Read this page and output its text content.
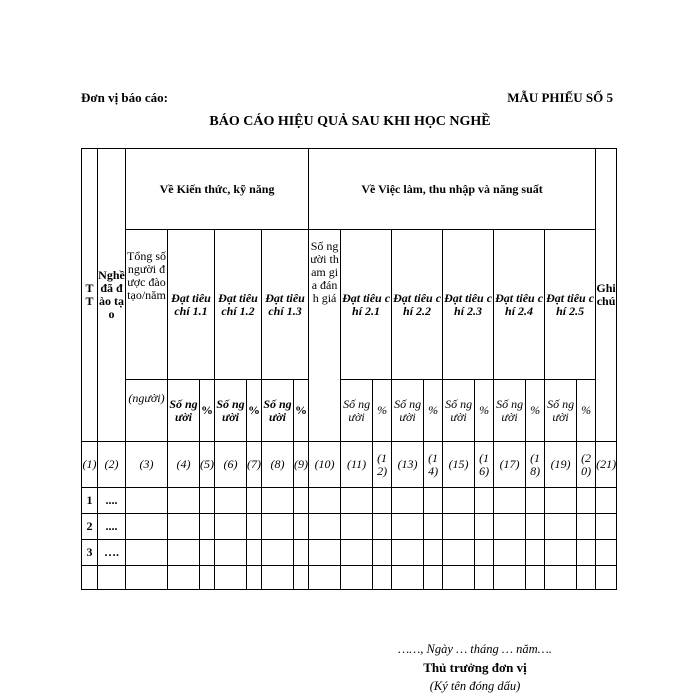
Đơn vị báo cáo:	MẪU PHIẾU SỐ 5
BÁO CÁO HIỆU QUẢ SAU KHI HỌC NGHỀ
TT	Nghề đã đào tạo	Về Kiến thức, kỹ năng							Về Việc làm, thu nhập và năng suất											Ghi chú

		Tổng số người được đào tạo/năm	Đạt tiêu chí 1.1		Đạt tiêu chí 1.2		Đạt tiêu chí 1.3		Số người tham gia đánh giá	Đạt tiêu chí 2.1		Đạt tiêu chí 2.2		Đạt tiêu chí 2.3		Đạt tiêu chí 2.4		Đạt tiêu chí 2.5		
		(người)	Số người	%	Số người	%	Số người	%		Số người	%	Số người	%	Số người	%	Số người	%	Số người	%	
(1)	(2)	(3)	(4)	(5)	(6)	(7)	(8)	(9)	(10)	(11)	(12)	(13)	(14)	(15)	(16)	(17)	(18)	(19)	(20)	(21)
1	....																			
2	....																			
3	….																			

……, Ngày … tháng … năm….
Thủ trưởng đơn vị
(Ký tên đóng dấu)
